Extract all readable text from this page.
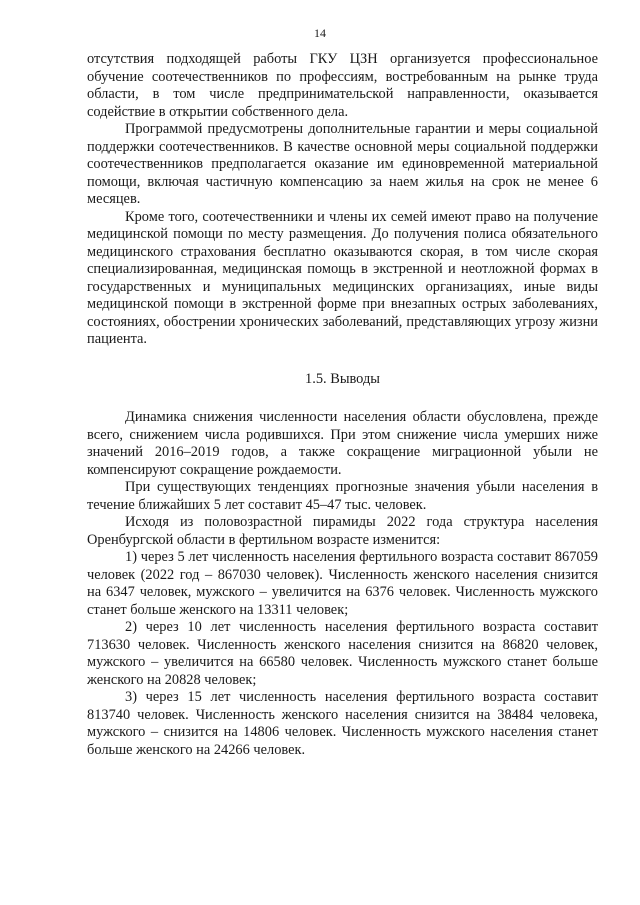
14

отсутствия подходящей работы ГКУ ЦЗН организуется профессиональное обучение соотечественников по профессиям, востребованным на рынке труда области, в том числе предпринимательской направленности, оказывается содействие в открытии собственного дела.

Программой предусмотрены дополнительные гарантии и меры социальной поддержки соотечественников. В качестве основной меры социальной поддержки соотечественников предполагается оказание им единовременной материальной помощи, включая частичную компенсацию за наем жилья на срок не менее 6 месяцев.

Кроме того, соотечественники и члены их семей имеют право на получение медицинской помощи по месту размещения. До получения полиса обязательного медицинского страхования бесплатно оказываются скорая, в том числе скорая специализированная, медицинская помощь в экстренной и неотложной формах в государственных и муниципальных медицинских организациях, иные виды медицинской помощи в экстренной форме при внезапных острых заболеваниях, состояниях, обострении хронических заболеваний, представляющих угрозу жизни пациента.

1.5. Выводы

Динамика снижения численности населения области обусловлена, прежде всего, снижением числа родившихся. При этом снижение числа умерших ниже значений 2016–2019 годов, а также сокращение миграционной убыли не компенсируют сокращение рождаемости.

При существующих тенденциях прогнозные значения убыли населения в течение ближайших 5 лет составит 45–47 тыс. человек.

Исходя из половозрастной пирамиды 2022 года структура населения Оренбургской области в фертильном возрасте изменится:

1) через 5 лет численность населения фертильного возраста составит 867059 человек (2022 год – 867030 человек). Численность женского населения снизится на 6347 человек, мужского – увеличится на 6376 человек. Численность мужского станет больше женского на 13311 человек;

2) через 10 лет численность населения фертильного возраста составит 713630 человек. Численность женского населения снизится на 86820 человек, мужского – увеличится на 66580 человек. Численность мужского станет больше женского на 20828 человек;

3) через 15 лет численность населения фертильного возраста составит 813740 человек. Численность женского населения снизится на 38484 человека, мужского – снизится на 14806 человек. Численность мужского населения станет больше женского на 24266 человек.
